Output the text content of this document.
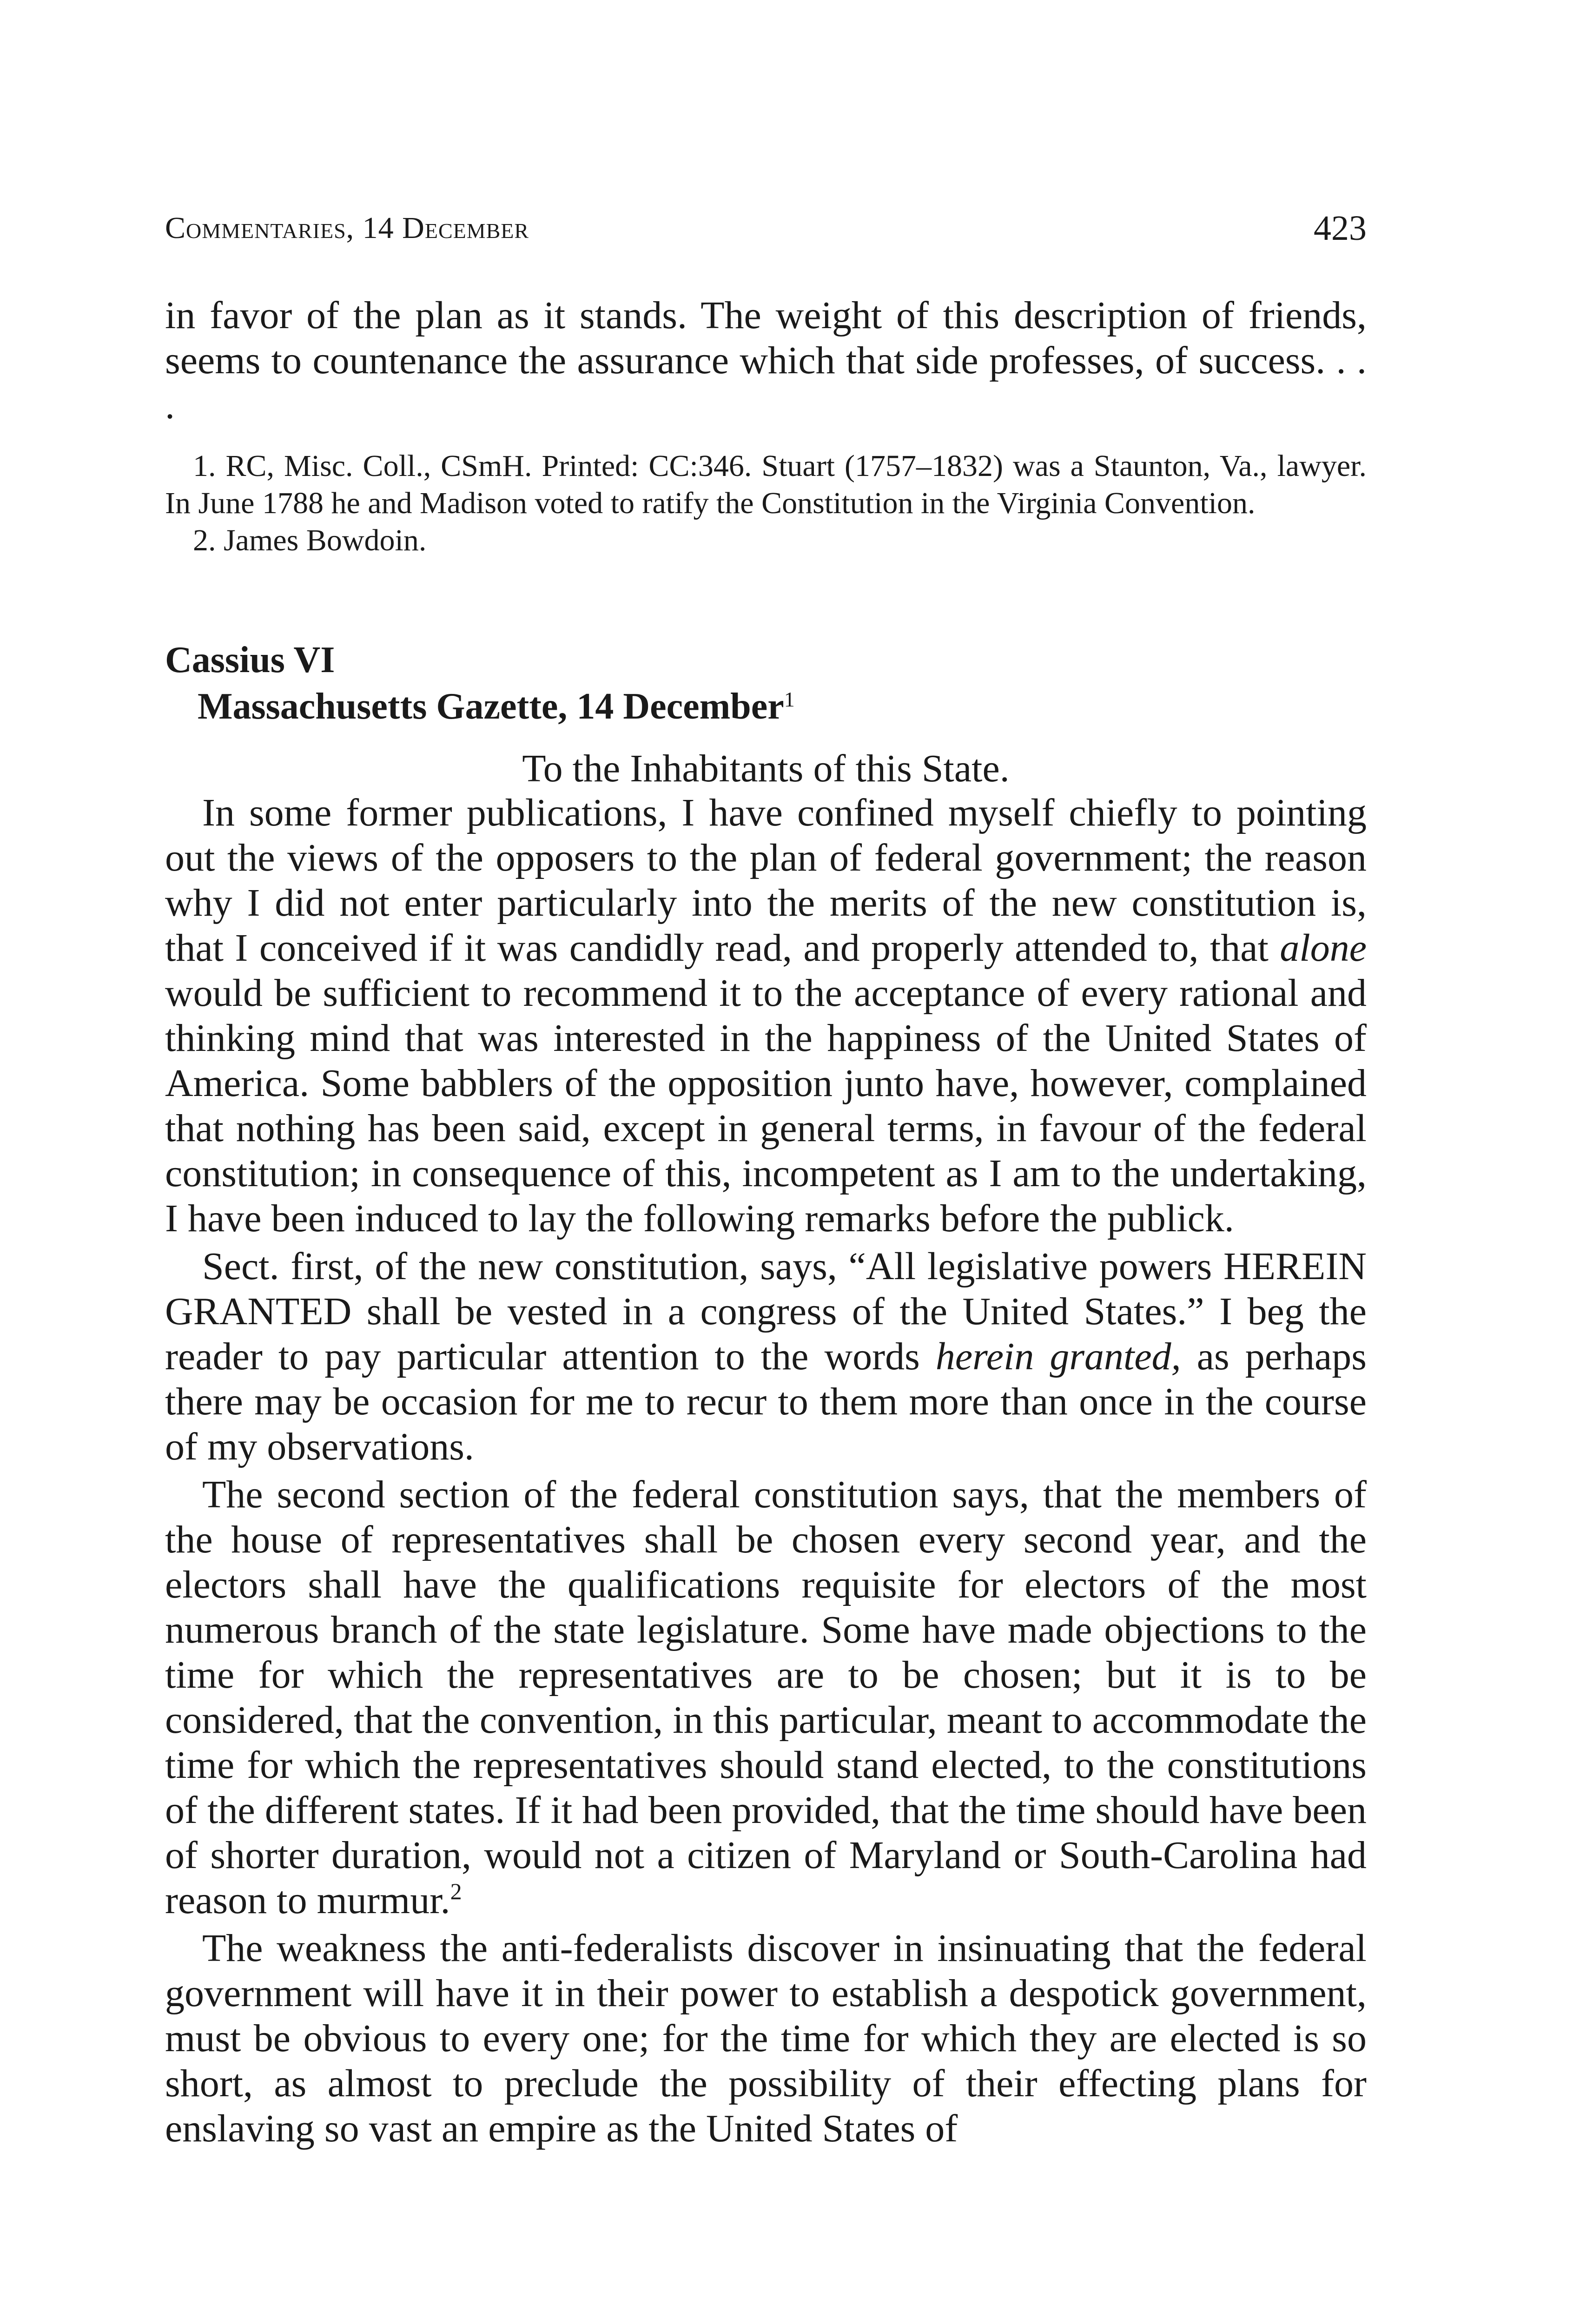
Commentaries, 14 December	423

in favor of the plan as it stands. The weight of this description of friends, seems to countenance the assurance which that side professes, of success. . . .

1. RC, Misc. Coll., CSmH. Printed: CC:346. Stuart (1757–1832) was a Staunton, Va., lawyer. In June 1788 he and Madison voted to ratify the Constitution in the Virginia Convention.

2. James Bowdoin.

Cassius VI
Massachusetts Gazette, 14 December$^1$
To the Inhabitants of this State.

In some former publications, I have confined myself chiefly to pointing out the views of the opposers to the plan of federal government; the reason why I did not enter particularly into the merits of the new constitution is, that I conceived if it was candidly read, and properly attended to, that alone would be sufficient to recommend it to the acceptance of every rational and thinking mind that was interested in the happiness of the United States of America. Some babblers of the opposition junto have, however, complained that nothing has been said, except in general terms, in favour of the federal constitution; in consequence of this, incompetent as I am to the undertaking, I have been induced to lay the following remarks before the publick.

Sect. first, of the new constitution, says, “All legislative powers HEREIN GRANTED shall be vested in a congress of the United States.” I beg the reader to pay particular attention to the words herein granted, as perhaps there may be occasion for me to recur to them more than once in the course of my observations.

The second section of the federal constitution says, that the members of the house of representatives shall be chosen every second year, and the electors shall have the qualifications requisite for electors of the most numerous branch of the state legislature. Some have made objections to the time for which the representatives are to be chosen; but it is to be considered, that the convention, in this particular, meant to accommodate the time for which the representatives should stand elected, to the constitutions of the different states. If it had been provided, that the time should have been of shorter duration, would not a citizen of Maryland or South-Carolina had reason to murmur.$^2$

The weakness the anti-federalists discover in insinuating that the federal government will have it in their power to establish a despotick government, must be obvious to every one; for the time for which they are elected is so short, as almost to preclude the possibility of their effecting plans for enslaving so vast an empire as the United States of
